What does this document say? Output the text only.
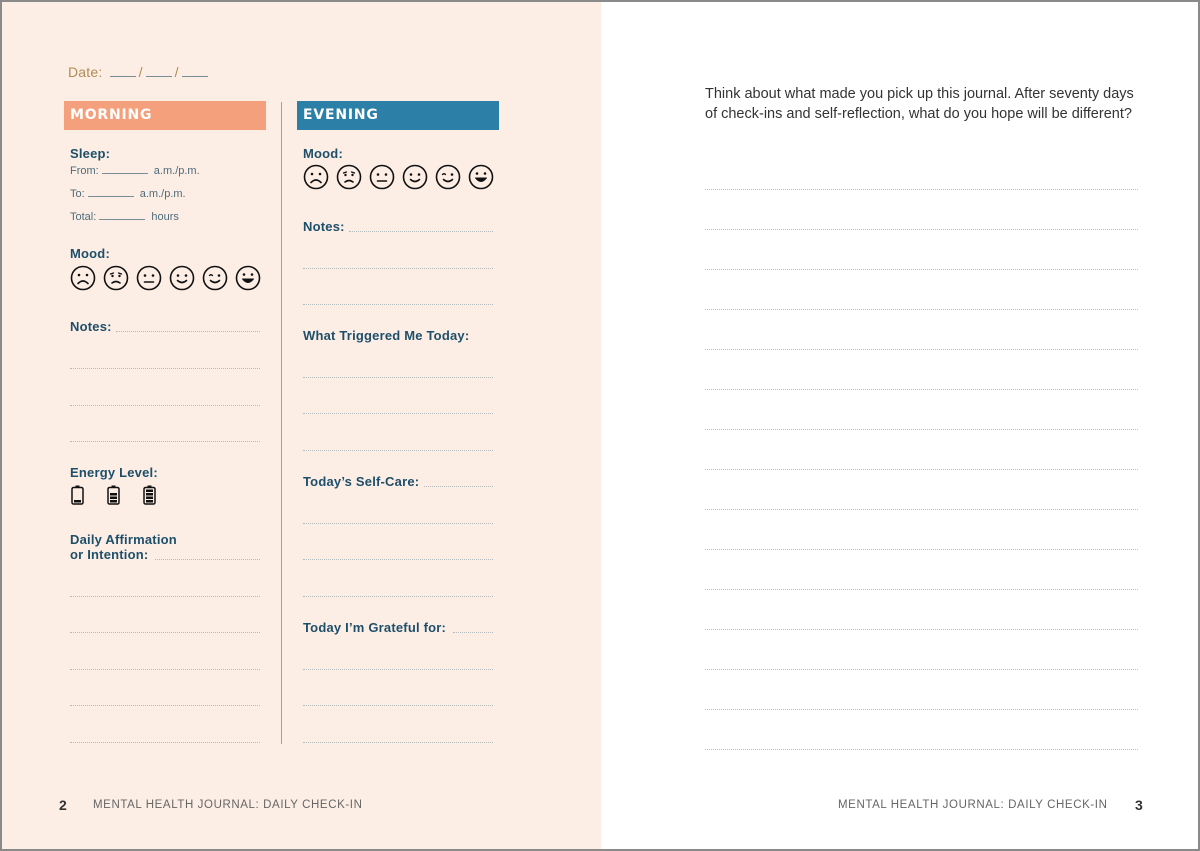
Date:	/ /
MORNING	EVENING
Sleep:
From:	a.m./p.m.
To:	a.m./p.m.
Total:	hours
Mood:
Notes:
Energy Level:
Daily Affirmation
or Intention:
Mood:
Notes:
What Triggered Me Today:
Today’s Self-Care:
Today I’m Grateful for:
2 MENTAL HEALTH JOURNAL: DAILY CHECK-IN
Think about what made you pick up this journal. After seventy days of check-ins and self-reflection, what do you hope will be different?
MENTAL HEALTH JOURNAL: DAILY CHECK-IN 3
